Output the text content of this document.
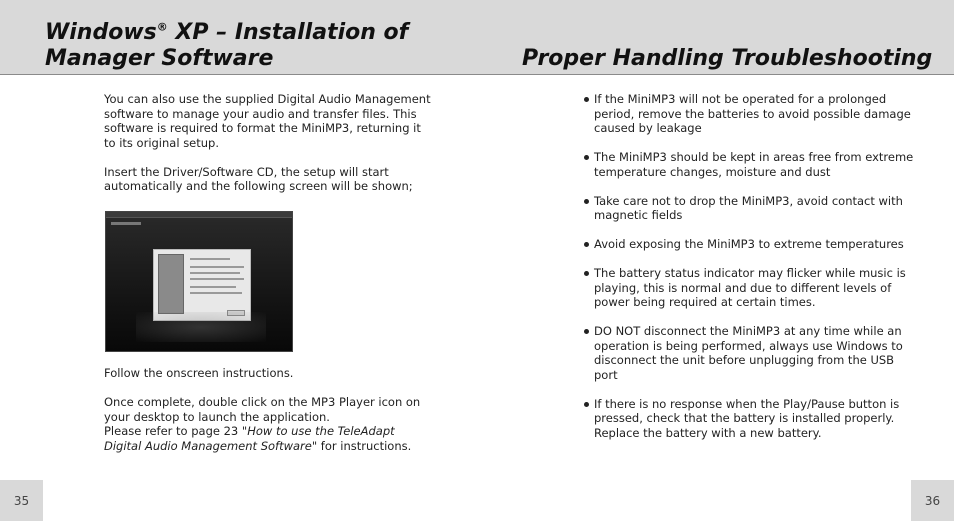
Windows® XP – Installation of
Manager Software	Proper Handling Troubleshooting

You can also use the supplied Digital Audio Management software to manage your audio and transfer files. This software is required to format the MiniMP3, returning it to its original setup.

Insert the Driver/Software CD, the setup will start automatically and the following screen will be shown;

Follow the onscreen instructions.

Once complete, double click on the MP3 Player icon on your desktop to launch the application.

Please refer to page 23 "How to use the TeleAdapt Digital Audio Management Software" for instructions.

If the MiniMP3 will not be operated for a prolonged period, remove the batteries to avoid possible damage caused by leakage
The MiniMP3 should be kept in areas free from extreme temperature changes, moisture and dust
Take care not to drop the MiniMP3, avoid contact with magnetic fields
Avoid exposing the MiniMP3 to extreme temperatures
The battery status indicator may flicker while music is playing, this is normal and due to different levels of power being required at certain times.
DO NOT disconnect the MiniMP3 at any time while an operation is being performed, always use Windows to disconnect the unit before unplugging from the USB port
If there is no response when the Play/Pause button is pressed, check that the battery is installed properly. Replace the battery with a new battery.
35	36
